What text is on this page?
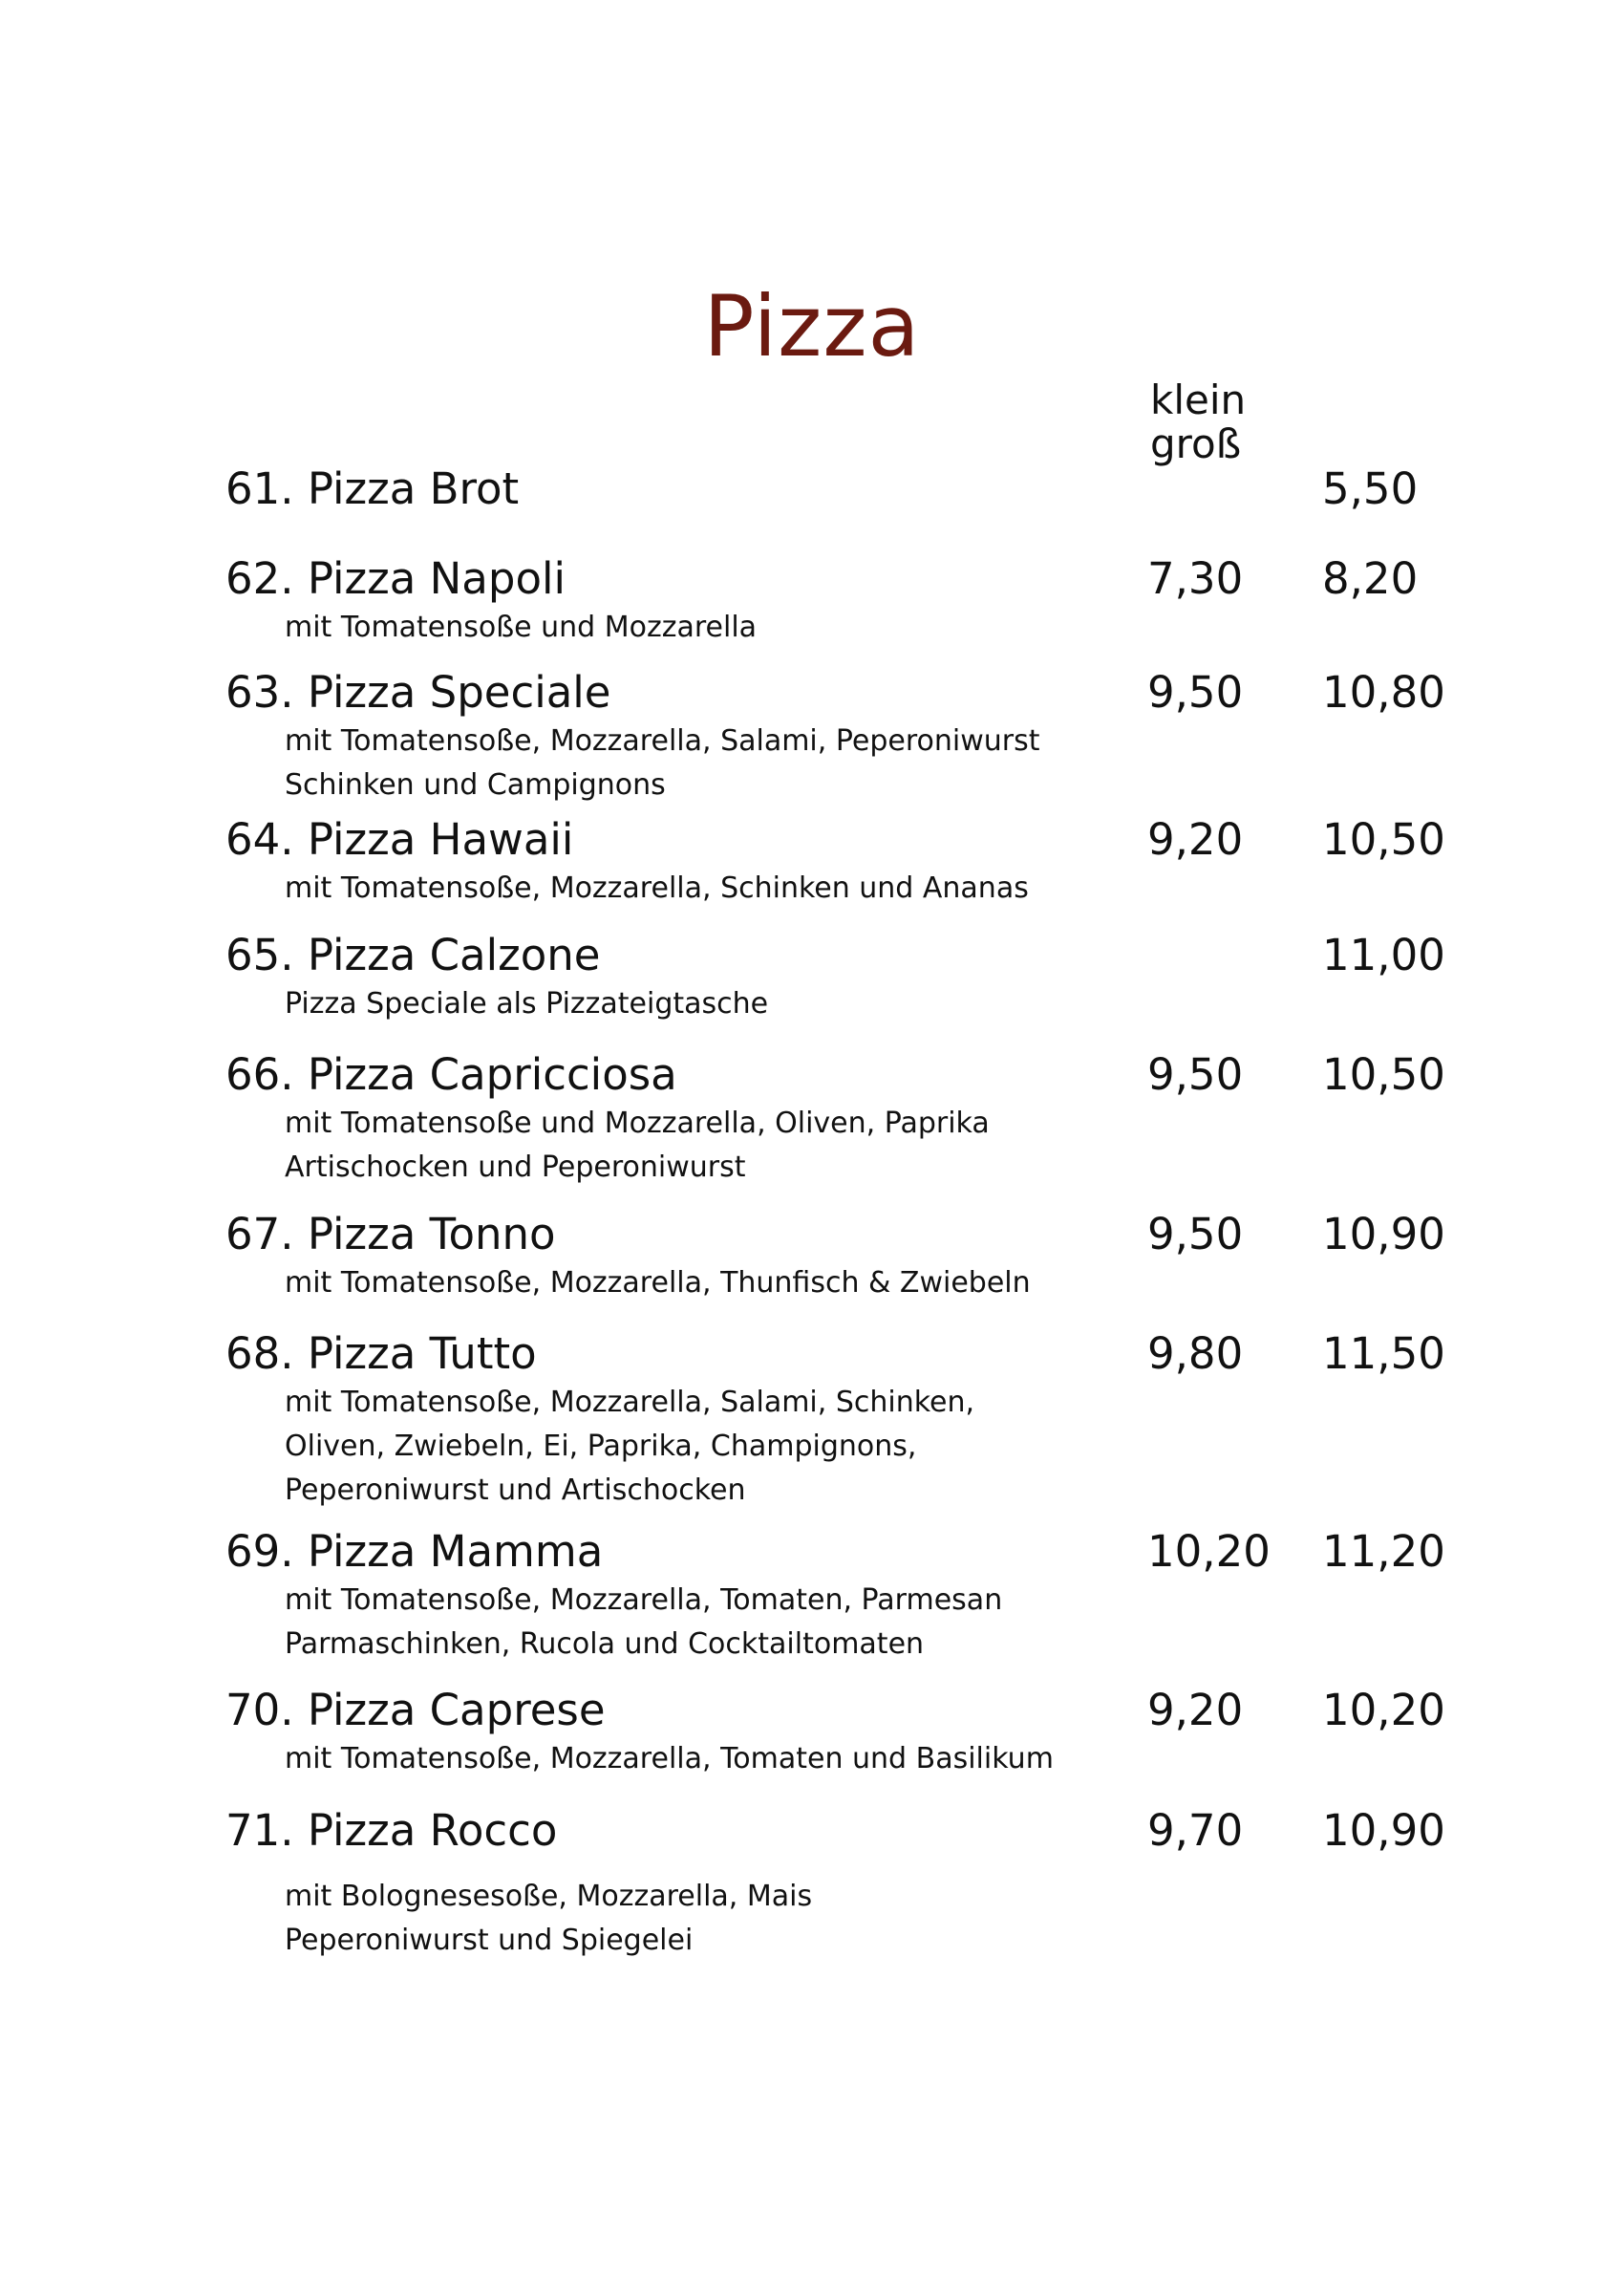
Pizza
klein
groß
61. Pizza Brot	5,50
62. Pizza Napoli
mit Tomatensoße und Mozzarella
7,30 8,20
63. Pizza Speciale
mit Tomatensoße, Mozzarella, Salami, Peperoniwurst
Schinken und Campignons
9,50 10,80
64. Pizza Hawaii
mit Tomatensoße, Mozzarella, Schinken und Ananas
9,20 10,50
65. Pizza Calzone
Pizza Speciale als Pizzateigtasche
11,00
66. Pizza Capricciosa
mit Tomatensoße und Mozzarella, Oliven, Paprika
Artischocken und Peperoniwurst
9,50 10,50
67. Pizza Tonno
mit Tomatensoße, Mozzarella, Thunfisch & Zwiebeln
9,50 10,90
68. Pizza Tutto
mit Tomatensoße, Mozzarella, Salami, Schinken,
Oliven, Zwiebeln, Ei, Paprika, Champignons,
Peperoniwurst und Artischocken
9,80 11,50
69. Pizza Mamma
mit Tomatensoße, Mozzarella, Tomaten, Parmesan
Parmaschinken, Rucola und Cocktailtomaten
10,20 11,20
70. Pizza Caprese
mit Tomatensoße, Mozzarella, Tomaten und Basilikum
9,20 10,20
71. Pizza Rocco
mit Bolognesesoße, Mozzarella, Mais
Peperoniwurst und Spiegelei
9,70 10,90
